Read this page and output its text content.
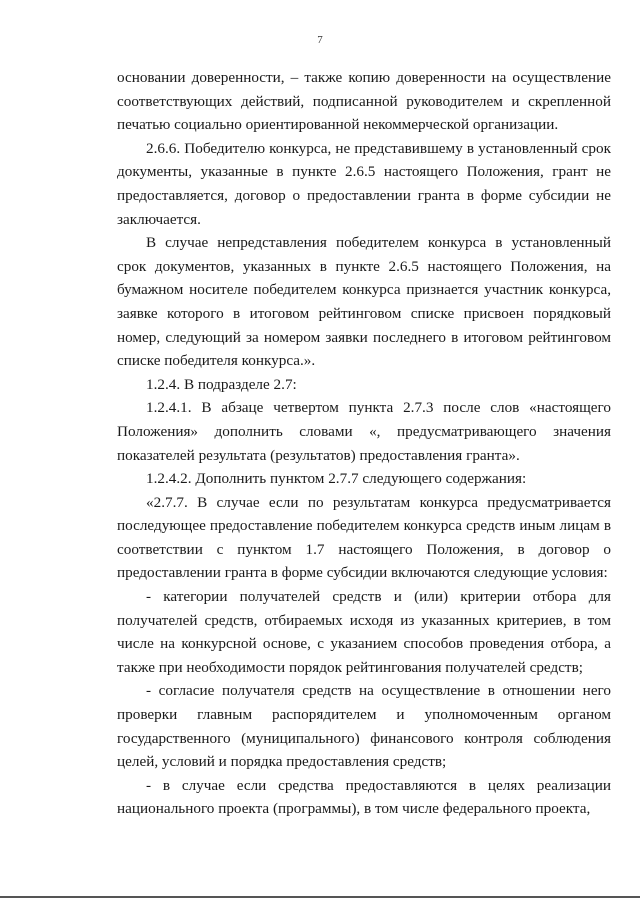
7

основании доверенности, – также копию доверенности на осуществление соответствующих действий, подписанной руководителем и скрепленной печатью социально ориентированной некоммерческой организации.

2.6.6. Победителю конкурса, не представившему в установленный срок документы, указанные в пункте 2.6.5 настоящего Положения, грант не предоставляется, договор о предоставлении гранта в форме субсидии не заключается.

В случае непредставления победителем конкурса в установленный срок документов, указанных в пункте 2.6.5 настоящего Положения, на бумажном носителе победителем конкурса признается участник конкурса, заявке которого в итоговом рейтинговом списке присвоен порядковый номер, следующий за номером заявки последнего в итоговом рейтинговом списке победителя конкурса.».

1.2.4. В подразделе 2.7:

1.2.4.1. В абзаце четвертом пункта 2.7.3 после слов «настоящего Положения» дополнить словами «, предусматривающего значения показателей результата (результатов) предоставления гранта».

1.2.4.2. Дополнить пунктом 2.7.7 следующего содержания:

«2.7.7. В случае если по результатам конкурса предусматривается последующее предоставление победителем конкурса средств иным лицам в соответствии с пунктом 1.7 настоящего Положения, в договор о предоставлении гранта в форме субсидии включаются следующие условия:

- категории получателей средств и (или) критерии отбора для получателей средств, отбираемых исходя из указанных критериев, в том числе на конкурсной основе, с указанием способов проведения отбора, а также при необходимости порядок рейтингования получателей средств;

- согласие получателя средств на осуществление в отношении него проверки главным распорядителем и уполномоченным органом государственного (муниципального) финансового контроля соблюдения целей, условий и порядка предоставления средств;

- в случае если средства предоставляются в целях реализации национального проекта (программы), в том числе федерального проекта,
